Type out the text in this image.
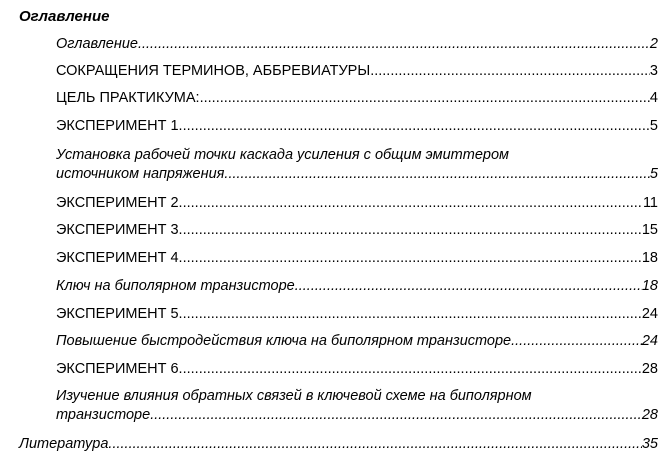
Оглавление
Оглавление .....	2
СОКРАЩЕНИЯ ТЕРМИНОВ, АББРЕВИАТУРЫ .....	3
ЦЕЛЬ ПРАКТИКУМА: .....	4
ЭКСПЕРИМЕНТ 1 .....	5
Установка рабочей точки каскада усиления с общим эмиттером
источником напряжения .....	5
ЭКСПЕРИМЕНТ 2 .....	11
ЭКСПЕРИМЕНТ 3 .....	15
ЭКСПЕРИМЕНТ 4 .....	18
Ключ на биполярном транзисторе .....	18
ЭКСПЕРИМЕНТ 5 .....	24
Повышение быстродействия ключа на биполярном транзисторе .....	24
ЭКСПЕРИМЕНТ 6 .....	28
Изучение влияния обратных связей в ключевой схеме на биполярном
транзисторе .....	28
Литература .....	35
